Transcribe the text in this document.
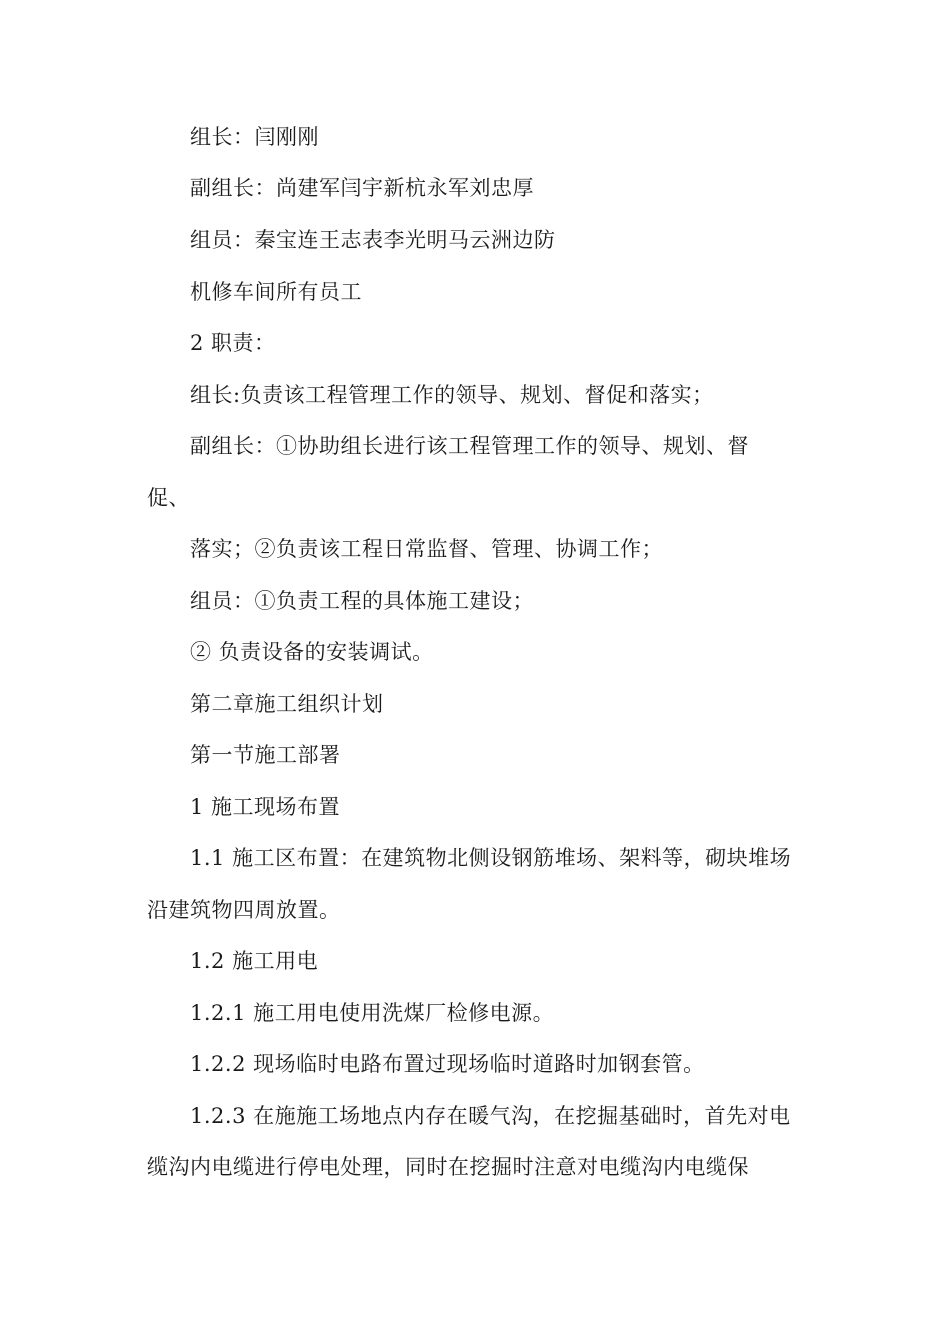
组长：闫刚刚
副组长：尚建军闫宇新杭永军刘忠厚
组员：秦宝连王志表李光明马云洲边防
机修车间所有员工
2 职责：
组长:负责该工程管理工作的领导、规划、督促和落实；
副组长：①协助组长进行该工程管理工作的领导、规划、督
促、
落实；②负责该工程日常监督、管理、协调工作；
组员：①负责工程的具体施工建设；
② 负责设备的安装调试。
第二章施工组织计划
第一节施工部署
1 施工现场布置
1.1 施工区布置：在建筑物北侧设钢筋堆场、架料等，砌块堆场
沿建筑物四周放置。
1.2 施工用电
1.2.1 施工用电使用洗煤厂检修电源。
1.2.2 现场临时电路布置过现场临时道路时加钢套管。
1.2.3 在施施工场地点内存在暖气沟，在挖掘基础时，首先对电
缆沟内电缆进行停电处理，同时在挖掘时注意对电缆沟内电缆保
